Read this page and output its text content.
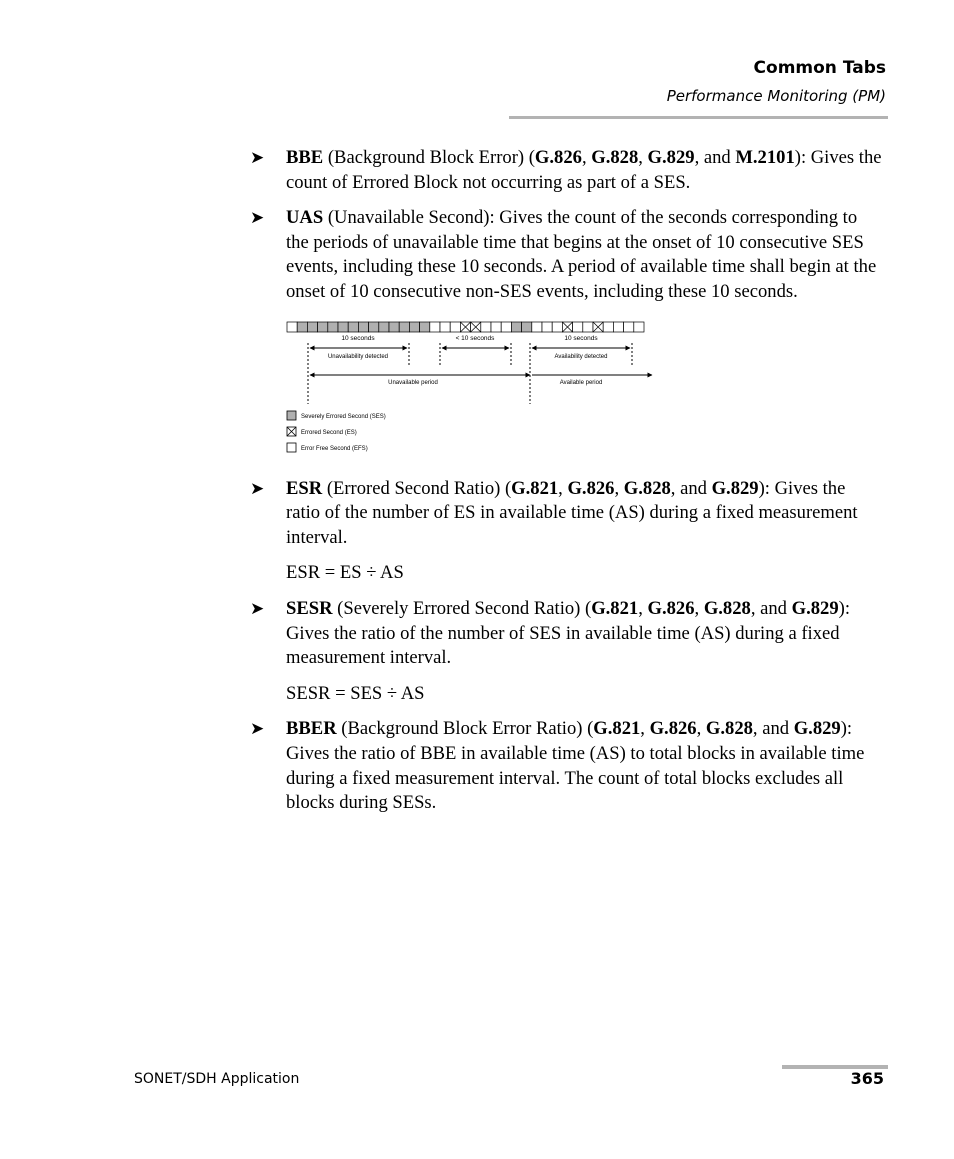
Common Tabs
Performance Monitoring (PM)
➤ BBE (Background Block Error) (G.826, G.828, G.829, and M.2101): Gives the count of Errored Block not occurring as part of a SES.
➤ UAS (Unavailable Second): Gives the count of the seconds corresponding to the periods of unavailable time that begins at the onset of 10 consecutive SES events, including these 10 seconds. A period of available time shall begin at the onset of 10 consecutive non-SES events, including these 10 seconds.
10 seconds	< 10 seconds	10 seconds
Unavailability detected	Availability detected
Unavailable period	Available period
Severely Errored Second (SES)
Errored Second (ES)
Error Free Second (EFS)
➤ ESR (Errored Second Ratio) (G.821, G.826, G.828, and G.829): Gives the ratio of the number of ES in available time (AS) during a fixed measurement interval.
ESR = ES ÷ AS
➤ SESR (Severely Errored Second Ratio) (G.821, G.826, G.828, and G.829): Gives the ratio of the number of SES in available time (AS) during a fixed measurement interval.
SESR = SES ÷ AS
➤ BBER (Background Block Error Ratio) (G.821, G.826, G.828, and G.829): Gives the ratio of BBE in available time (AS) to total blocks in available time during a fixed measurement interval. The count of total blocks excludes all blocks during SESs.
SONET/SDH Application	365
